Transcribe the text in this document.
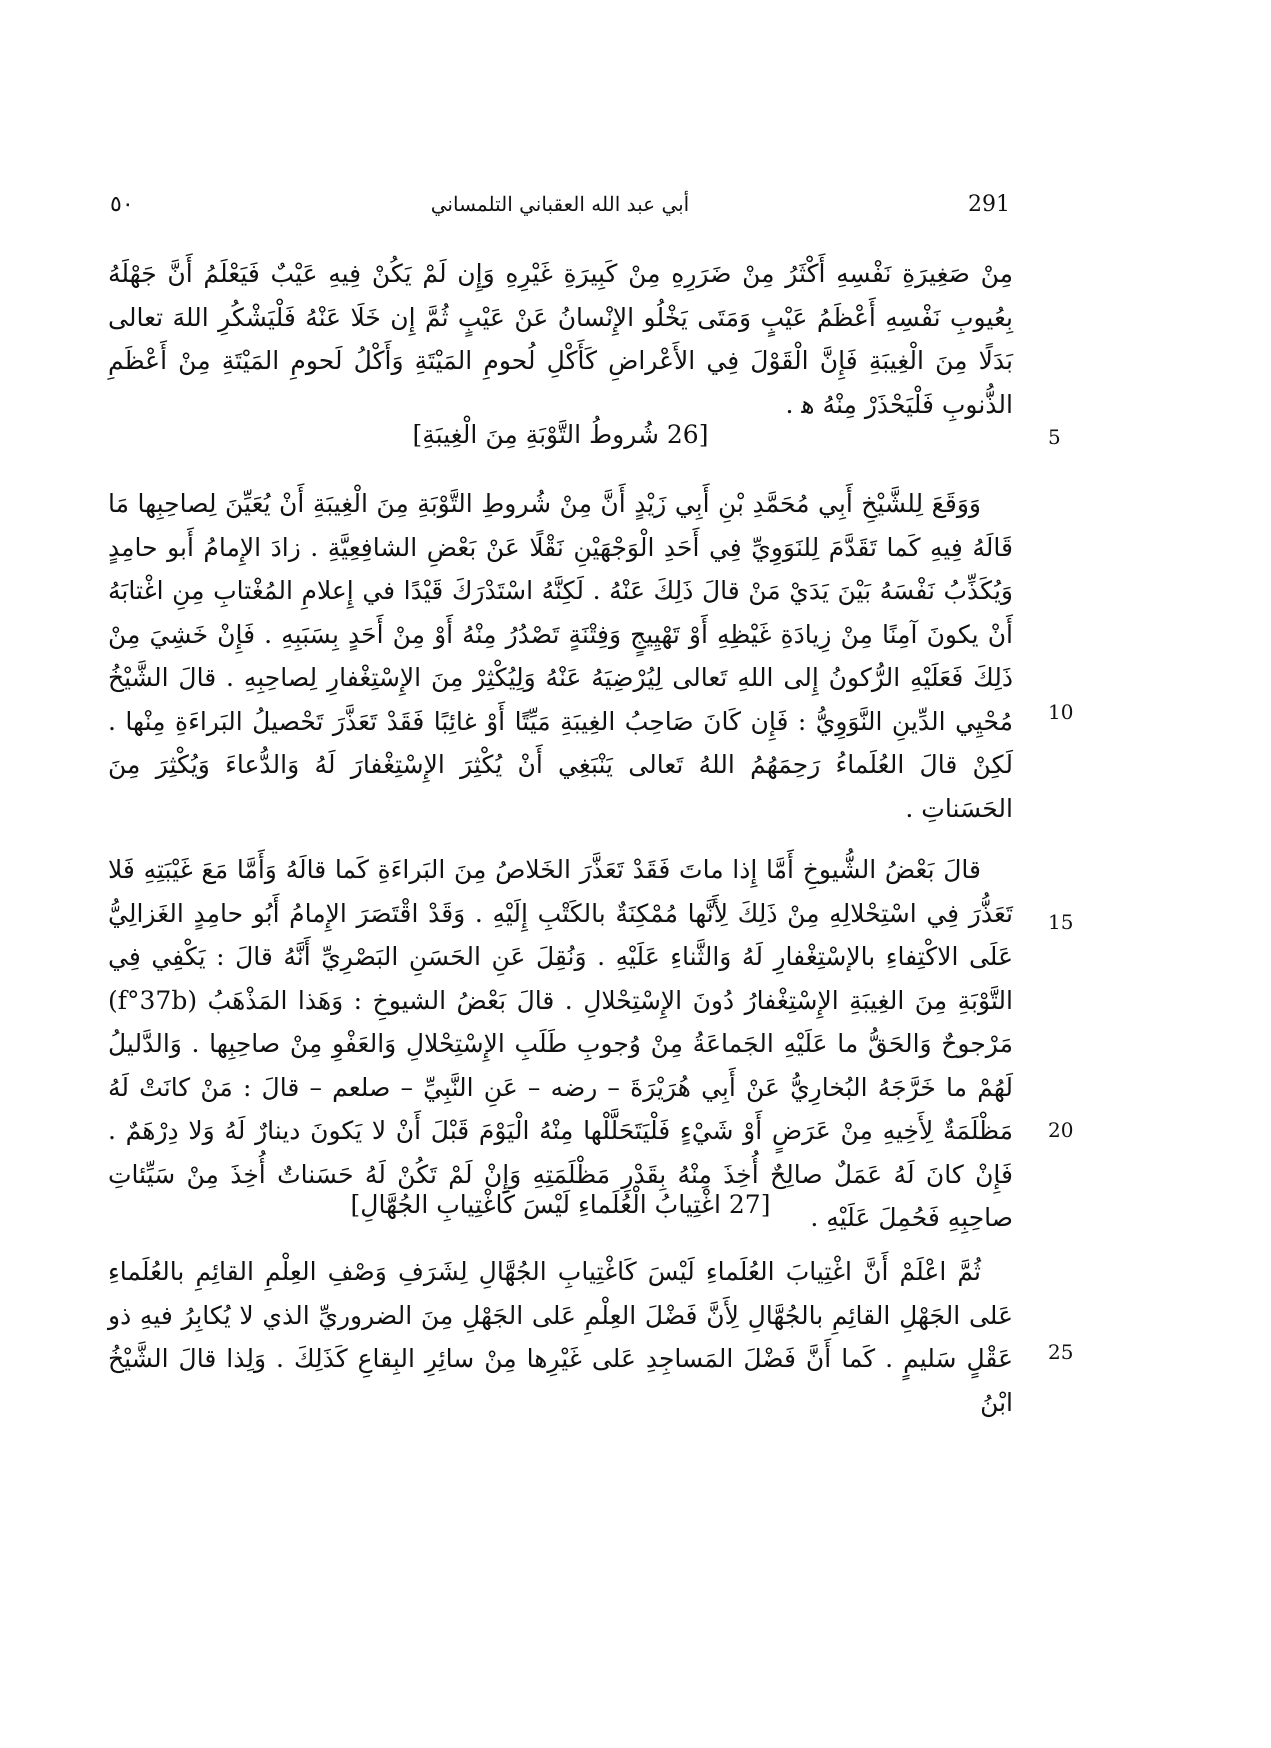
٥٠	أبي عبد الله العقباني التلمساني	291
مِنْ صَغِيرَةِ نَفْسِهِ أَكْثَرُ مِنْ ضَرَرِهِ مِنْ كَبِيرَةِ غَيْرِهِ وَإِن لَمْ يَكُنْ فِيهِ عَيْبٌ فَيَعْلَمُ أَنَّ جَهْلَهُ بِعُيوبِ نَفْسِهِ أَعْظَمُ عَيْبٍ وَمَتَى يَخْلُو الإِنْسانُ عَنْ عَيْبٍ ثُمَّ إِن خَلَا عَنْهُ فَلْيَشْكُرِ اللهَ تعالى بَدَلًا مِنَ الْغِيبَةِ فَإِنَّ الْقَوْلَ فِي الأَعْراضِ كَأَكْلِ لُحومِ المَيْتَةِ وَأَكْلُ لَحومِ المَيْتَةِ مِنْ أَعْظَمِ الذُّنوبِ فَلْيَحْذَرْ مِنْهُ ﻫ .
[26 شُروطُ التَّوْبَةِ مِنَ الْغِيبَةِ]
وَوَقَعَ لِلشَّيْخِ أَبِي مُحَمَّدِ بْنِ أَبِي زَيْدٍ أَنَّ مِنْ شُروطِ التَّوْبَةِ مِنَ الْغِيبَةِ أَنْ يُعَيِّنَ لِصاحِبِها مَا قَالَهُ فِيهِ كَما تَقَدَّمَ لِلنَوَوِيِّ فِي أَحَدِ الْوَجْهَيْنِ نَقْلًا عَنْ بَعْضِ الشافِعِيَّةِ . زادَ الإِمامُ أَبو حامِدٍ وَيُكَذِّبُ نَفْسَهُ بَيْنَ يَدَيْ مَنْ قالَ ذَلِكَ عَنْهُ . لَكِنَّهُ اسْتَدْرَكَ قَيْدًا في إِعلامِ المُغْتابِ مِنِ اغْتابَهُ أَنْ يكونَ آمِنًا مِنْ زِيادَةِ غَيْظِهِ أَوْ تَهْيِيجٍ وَفِتْنَةٍ تَصْدُرُ مِنْهُ أَوْ مِنْ أَحَدٍ بِسَبَبِهِ . فَإِنْ خَشِيَ مِنْ ذَلِكَ فَعَلَيْهِ الرُّكونُ إِلى اللهِ تَعالى لِيُرْضِيَهُ عَنْهُ وَلِيُكْثِرْ مِنَ الإِسْتِغْفارِ لِصاحِبِهِ . قالَ الشَّيْخُ مُحْيِي الدِّينِ النَّوَوِيُّ : فَإِن كَانَ صَاحِبُ الغِيبَةِ مَيِّتًا أَوْ غائِبًا فَقَدْ تَعَذَّرَ تَحْصيلُ البَراءَةِ مِنْها . لَكِنْ قالَ العُلَماءُ رَحِمَهُمُ اللهُ تَعالى يَنْبَغِي أَنْ يُكْثِرَ الإِسْتِغْفارَ لَهُ وَالدُّعاءَ وَيُكْثِرَ مِنَ الحَسَناتِ .
قالَ بَعْضُ الشُّيوخِ أَمَّا إِذا ماتَ فَقَدْ تَعَذَّرَ الخَلاصُ مِنَ البَراءَةِ كَما قالَهُ وَأَمَّا مَعَ غَيْبَتِهِ فَلا تَعَذُّرَ فِي اسْتِحْلالِهِ مِنْ ذَلِكَ لِأَنَّها مُمْكِنَةٌ بالكَتْبِ إِلَيْهِ . وَقَدْ اقْتَصَرَ الإِمامُ أَبُو حامِدٍ الغَزالِيُّ عَلَى الاكْتِفاءِ بالإسْتِغْفارِ لَهُ وَالثَّناءِ عَلَيْهِ . وَنُقِلَ عَنِ الحَسَنِ البَصْرِيِّ أَنَّهُ قالَ : يَكْفِي فِي التَّوْبَةِ مِنَ الغِيبَةِ الإِسْتِغْفارُ دُونَ الإِسْتِحْلالِ . قالَ بَعْضُ الشيوخِ : وَهَذا المَذْهَبُ (f°37b) مَرْجوحٌ وَالحَقُّ ما عَلَيْهِ الجَماعَةُ مِنْ وُجوبِ طَلَبِ الإِسْتِحْلالِ وَالعَفْوِ مِنْ صاحِبِها . وَالدَّليلُ لَهُمْ ما خَرَّجَهُ البُخارِيُّ عَنْ أَبِي هُرَيْرَةَ – رضه – عَنِ النَّبِيِّ – صلعم – قالَ : مَنْ كانَتْ لَهُ مَظْلَمَةٌ لِأَخِيهِ مِنْ عَرَضٍ أَوْ شَيْءٍ فَلْيَتَحَلَّلْها مِنْهُ الْيَوْمَ قَبْلَ أَنْ لا يَكونَ دينارٌ لَهُ وَلا دِرْهَمٌ . فَإِنْ كانَ لَهُ عَمَلٌ صالِحٌ أُخِذَ مِنْهُ بِقَدْرِ مَظْلَمَتِهِ وَإِنْ لَمْ تَكُنْ لَهُ حَسَناتٌ أُخِذَ مِنْ سَيِّئاتِ صاحِبِهِ فَحُمِلَ عَلَيْهِ .
[27 اغْتِيابُ الْعُلَماءِ لَيْسَ كَاغْتِيابِ الجُهَّالِ]
ثُمَّ اعْلَمْ أَنَّ اغْتِيابَ العُلَماءِ لَيْسَ كَاغْتِيابِ الجُهَّالِ لِشَرَفِ وَصْفِ العِلْمِ القائِمِ بالعُلَماءِ عَلى الجَهْلِ القائِمِ بالجُهَّالِ لِأَنَّ فَضْلَ العِلْمِ عَلى الجَهْلِ مِنَ الضروريِّ الذي لا يُكابِرُ فيهِ ذو عَقْلٍ سَليمٍ . كَما أَنَّ فَضْلَ المَساجِدِ عَلى غَيْرِها مِنْ سائِرِ البِقاعِ كَذَلِكَ . وَلِذا قالَ الشَّيْخُ ابْنُ
5
10
15
20
25
